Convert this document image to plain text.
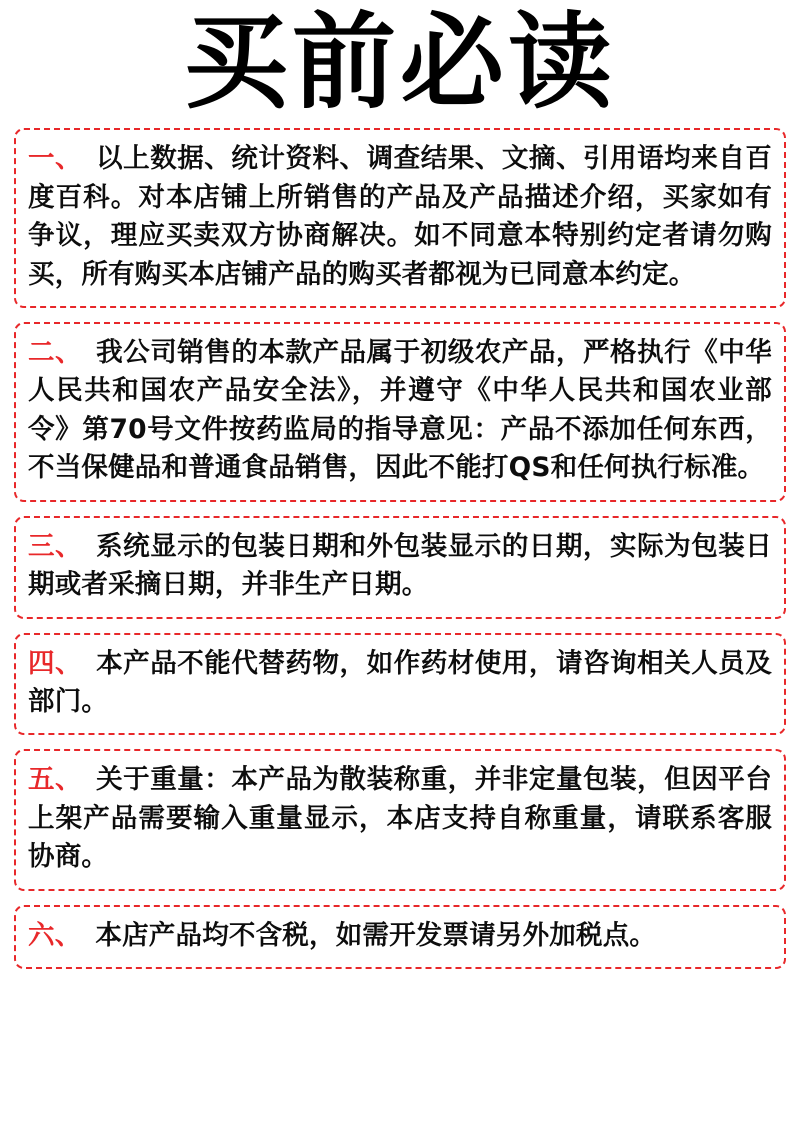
买前必读

一、 以上数据、统计资料、调查结果、文摘、引用语均来自百度百科。对本店铺上所销售的产品及产品描述介绍，买家如有争议，理应买卖双方协商解决。如不同意本特别约定者请勿购买，所有购买本店铺产品的购买者都视为已同意本约定。

二、 我公司销售的本款产品属于初级农产品，严格执行《中华人民共和国农产品安全法》，并遵守《中华人民共和国农业部令》第70号文件按药监局的指导意见：产品不添加任何东西，不当保健品和普通食品销售，因此不能打QS和任何执行标准。

三、 系统显示的包装日期和外包装显示的日期，实际为包装日期或者采摘日期，并非生产日期。

四、 本产品不能代替药物，如作药材使用，请咨询相关人员及部门。

五、 关于重量：本产品为散装称重，并非定量包装，但因平台上架产品需要输入重量显示，本店支持自称重量，请联系客服协商。

六、 本店产品均不含税，如需开发票请另外加税点。
